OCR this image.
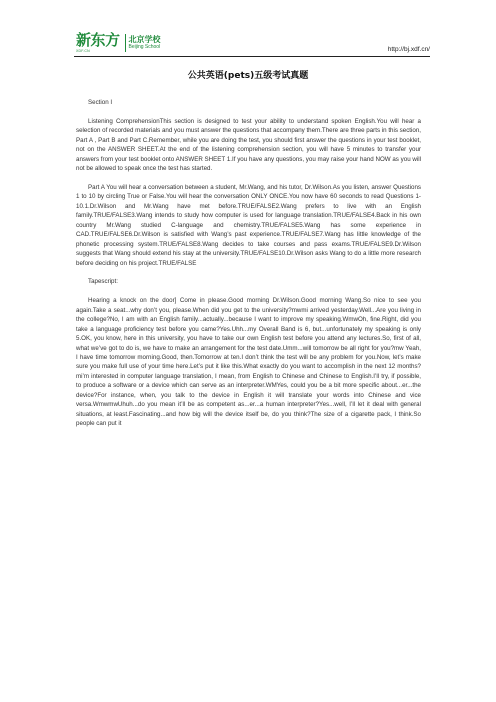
新东方
XDF.CN
北京学校
Beijing School	http://bj.xdf.cn/
公共英语(pets)五级考试真题

Section I

Listening ComprehensionThis section is designed to test your ability to understand spoken English.You will hear a selection of recorded materials and you must answer the questions that accompany them.There are three parts in this section, Part A , Part B and Part C.Remember, while you are doing the test, you should first answer the questions in your test booklet, not on the ANSWER SHEET.At the end of the listening comprehension section, you will have 5 minutes to transfer your answers from your test booklet onto ANSWER SHEET 1.If you have any questions, you may raise your hand NOW as you will not be allowed to speak once the test has started.

Part A You will hear a conversation between a student, Mr.Wang, and his tutor, Dr.Wilson.As you listen, answer Questions 1 to 10 by circling True or False.You will hear the conversation ONLY ONCE.You now have 60 seconds to read Questions 1-10.1.Dr.Wilson and Mr.Wang have met before.TRUE/FALSE2.Wang prefers to live with an English family.TRUE/FALSE3.Wang intends to study how computer is used for language translation.TRUE/FALSE4.Back in his own country Mr.Wang studied C-language and chemistry.TRUE/FALSE5.Wang has some experience in CAD.TRUE/FALSE6.Dr.Wilson is satisfied with Wang’s past experience.TRUE/FALSE7.Wang has little knowledge of the phonetic processing system.TRUE/FALSE8.Wang decides to take courses and pass exams.TRUE/FALSE9.Dr.Wilson suggests that Wang should extend his stay at the university.TRUE/FALSE10.Dr.Wilson asks Wang to do a little more research before deciding on his project.TRUE/FALSE

Tapescript:

Hearing a knock on the door] Come in please.Good morning Dr.Wilson.Good morning Wang.So nice to see you again.Take a seat...why don’t you, please.When did you get to the university?mwmi arrived yesterday.Well...Are you living in the college?No, I am with an English family...actually...because I want to improve my speaking.WmwOh, fine.Right, did you take a language proficiency test before you came?Yes.Uhh...my Overall Band is 6, but...unfortunately my speaking is only 5.OK, you know, here in this university, you have to take our own English test before you attend any lectures.So, first of all, what we’ve got to do is, we have to make an arrangement for the test date.Umm...will tomorrow be all right for you?mw Yeah, I have time tomorrow morning.Good, then.Tomorrow at ten.I don’t think the test will be any problem for you.Now, let’s make sure you make full use of your time here.Let’s put it like this.What exactly do you want to accomplish in the next 12 months?mi’m interested in computer language translation, I mean, from English to Chinese and Chinese to English.I’ll try, if possible, to produce a software or a device which can serve as an interpreter.WMYes, could you be a bit more specific about...er...the device?For instance, when, you talk to the device in English it will translate your words into Chinese and vice versa.WmwmwUhuh...do you mean it’ll be as competent as...er...a human interpreter?Yes...well, I’ll let it deal with general situations, at least.Fascinating...and how big will the device itself be, do you think?The size of a cigarette pack, I think.So people can put it
